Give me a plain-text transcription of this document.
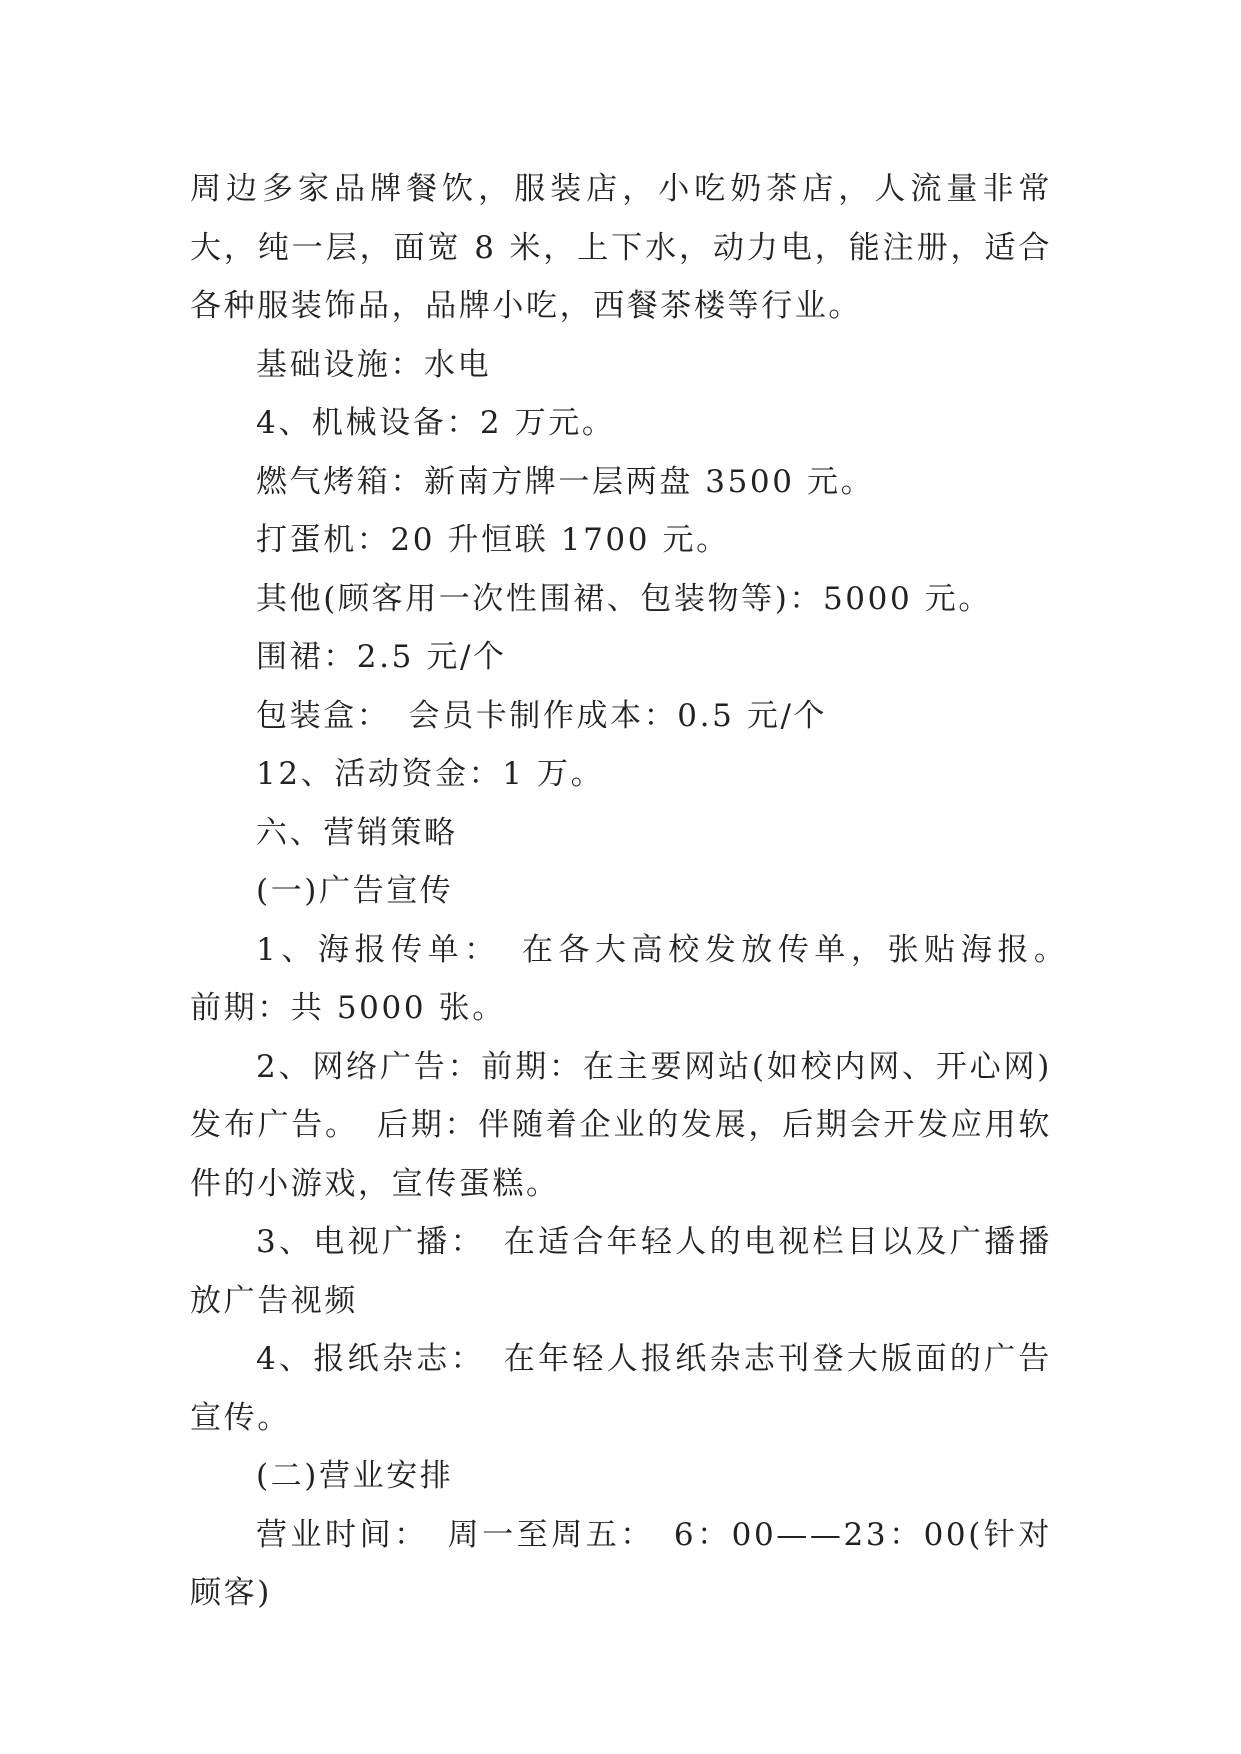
周边多家品牌餐饮，服装店，小吃奶茶店，人流量非常大，纯一层，面宽 8 米，上下水，动力电，能注册，适合各种服装饰品，品牌小吃，西餐茶楼等行业。

基础设施：水电

4、机械设备：2 万元。

燃气烤箱：新南方牌一层两盘 3500 元。

打蛋机：20 升恒联 1700 元。

其他(顾客用一次性围裙、包装物等)：5000 元。

围裙：2.5 元/个

包装盒：　会员卡制作成本：0.5 元/个

12、活动资金：1 万。

六、营销策略

(一)广告宣传

1、海报传单：　在各大高校发放传单，张贴海报。　前期：共 5000 张。

2、网络广告：前期：在主要网站(如校内网、开心网)发布广告。　后期：伴随着企业的发展，后期会开发应用软件的小游戏，宣传蛋糕。

3、电视广播：　在适合年轻人的电视栏目以及广播播放广告视频

4、报纸杂志：　在年轻人报纸杂志刊登大版面的广告宣传。

(二)营业安排

营业时间：　周一至周五：　6：00——23：00(针对顾客)
